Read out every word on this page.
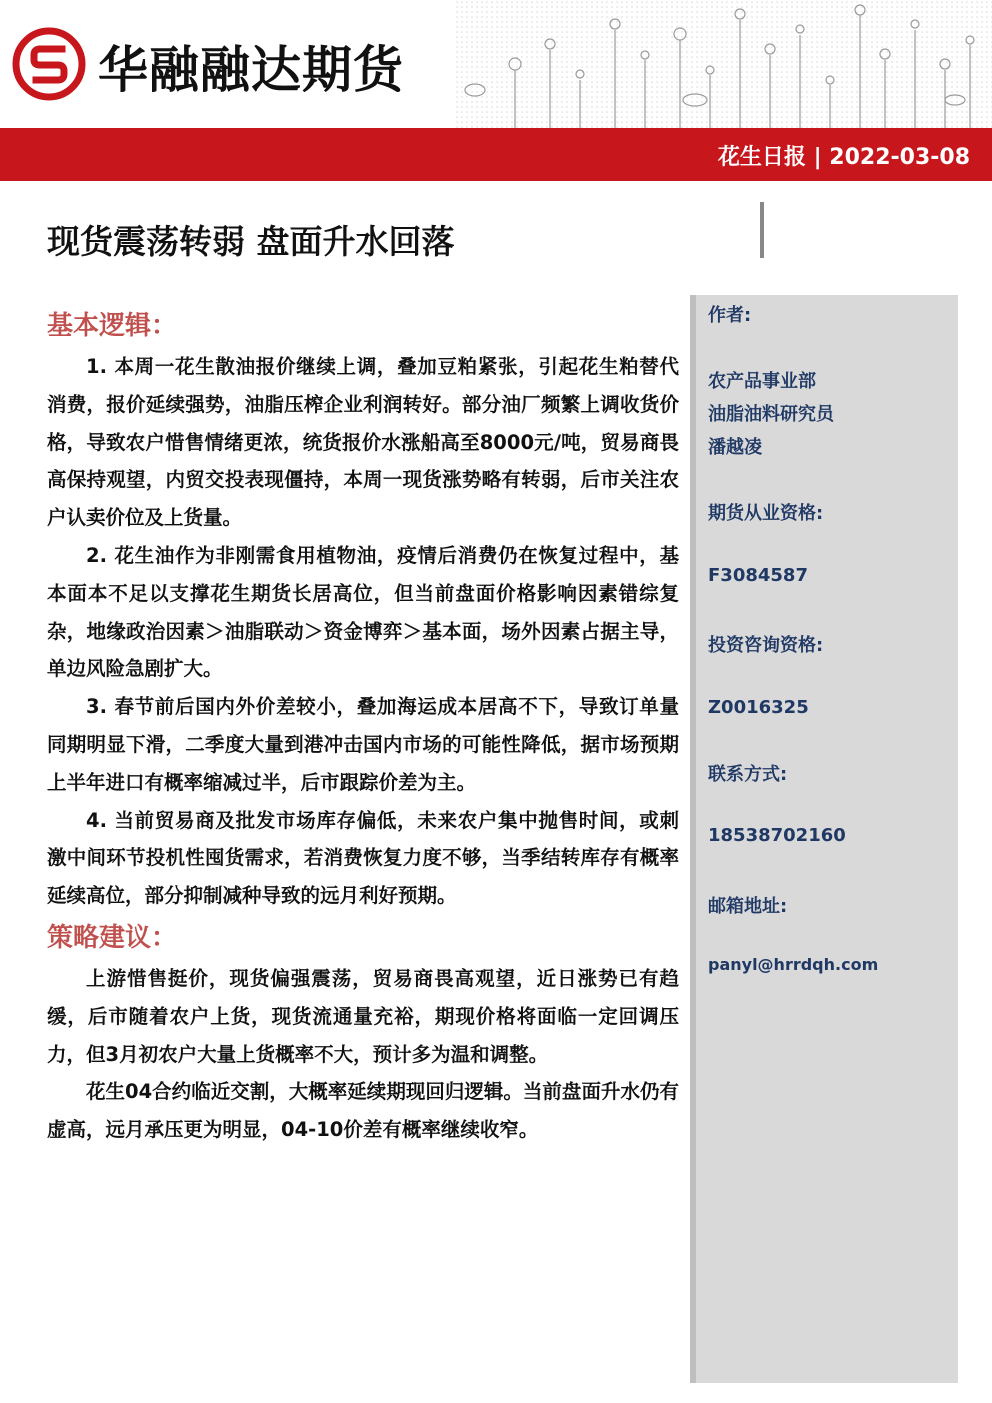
华融融达期货
花生日报 | 2022-03-08
现货震荡转弱 盘面升水回落
基本逻辑：

1. 本周一花生散油报价继续上调，叠加豆粕紧张，引起花生粕替代消费，报价延续强势，油脂压榨企业利润转好。部分油厂频繁上调收货价格，导致农户惜售情绪更浓，统货报价水涨船高至8000元/吨，贸易商畏高保持观望，内贸交投表现僵持，本周一现货涨势略有转弱，后市关注农户认卖价位及上货量。

2. 花生油作为非刚需食用植物油，疫情后消费仍在恢复过程中，基本面本不足以支撑花生期货长居高位，但当前盘面价格影响因素错综复杂，地缘政治因素＞油脂联动＞资金博弈＞基本面，场外因素占据主导，单边风险急剧扩大。

3. 春节前后国内外价差较小，叠加海运成本居高不下，导致订单量同期明显下滑，二季度大量到港冲击国内市场的可能性降低，据市场预期上半年进口有概率缩减过半，后市跟踪价差为主。

4. 当前贸易商及批发市场库存偏低，未来农户集中抛售时间，或刺激中间环节投机性囤货需求，若消费恢复力度不够，当季结转库存有概率延续高位，部分抑制减种导致的远月利好预期。

策略建议：

上游惜售挺价，现货偏强震荡，贸易商畏高观望，近日涨势已有趋缓，后市随着农户上货，现货流通量充裕，期现价格将面临一定回调压力，但3月初农户大量上货概率不大，预计多为温和调整。

花生04合约临近交割，大概率延续期现回归逻辑。当前盘面升水仍有虚高，远月承压更为明显，04-10价差有概率继续收窄。

作者:
农产品事业部
油脂油料研究员
潘越凌
期货从业资格:
F3084587
投资咨询资格:
Z0016325
联系方式:
18538702160
邮箱地址:
panyl@hrrdqh.com
